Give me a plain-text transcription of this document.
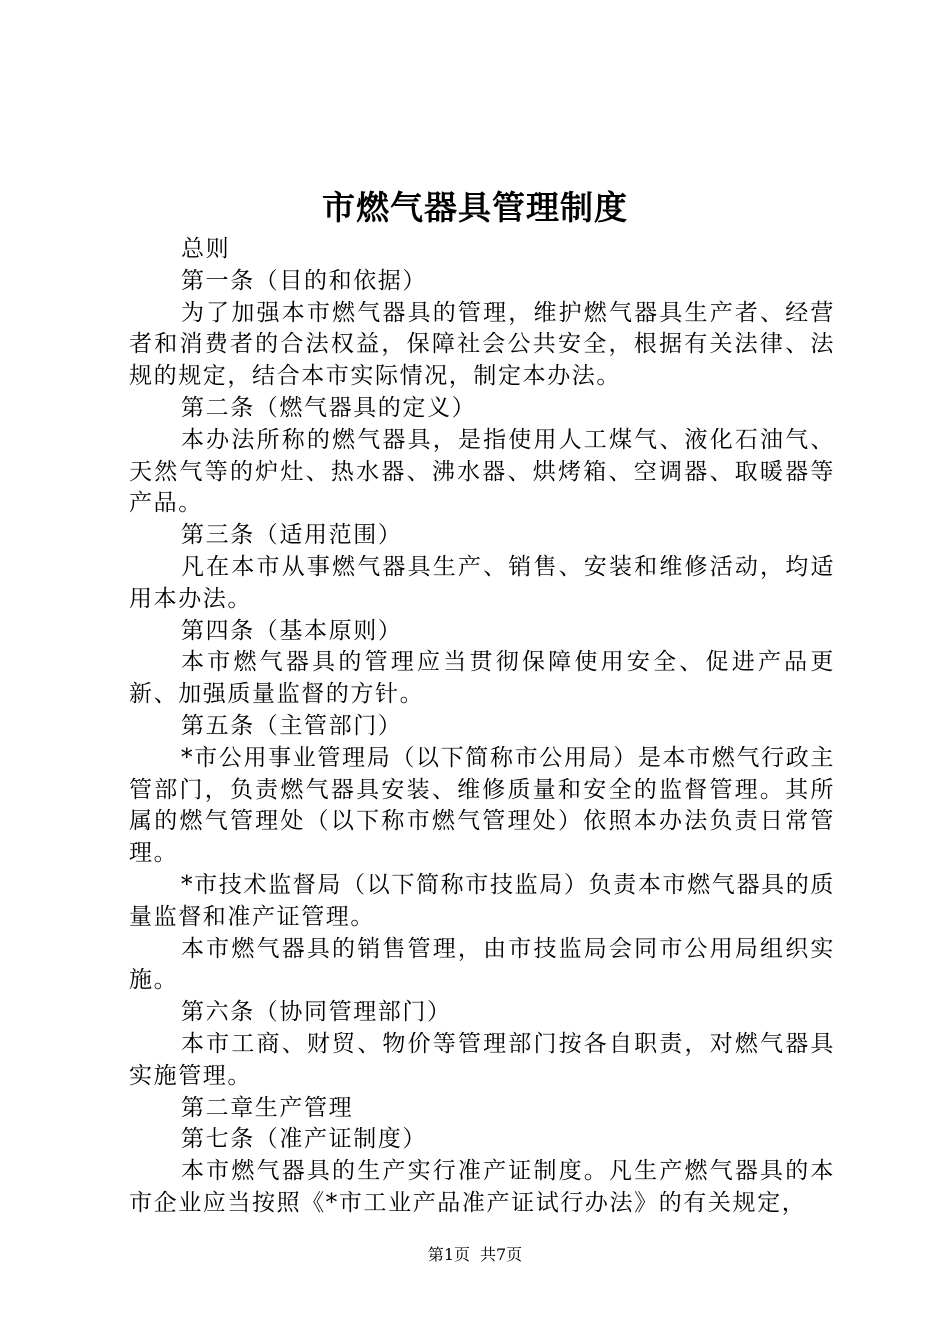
市燃气器具管理制度

总则

第一条（目的和依据）

为了加强本市燃气器具的管理，维护燃气器具生产者、经营者和消费者的合法权益，保障社会公共安全，根据有关法律、法规的规定，结合本市实际情况，制定本办法。

第二条（燃气器具的定义）

本办法所称的燃气器具，是指使用人工煤气、液化石油气、天然气等的炉灶、热水器、沸水器、烘烤箱、空调器、取暖器等产品。

第三条（适用范围）

凡在本市从事燃气器具生产、销售、安装和维修活动，均适用本办法。

第四条（基本原则）

本市燃气器具的管理应当贯彻保障使用安全、促进产品更新、加强质量监督的方针。

第五条（主管部门）

*市公用事业管理局（以下简称市公用局）是本市燃气行政主管部门，负责燃气器具安装、维修质量和安全的监督管理。其所属的燃气管理处（以下称市燃气管理处）依照本办法负责日常管理。

*市技术监督局（以下简称市技监局）负责本市燃气器具的质量监督和准产证管理。

本市燃气器具的销售管理，由市技监局会同市公用局组织实施。

第六条（协同管理部门）

本市工商、财贸、物价等管理部门按各自职责，对燃气器具实施管理。

第二章生产管理

第七条（准产证制度）

本市燃气器具的生产实行准产证制度。凡生产燃气器具的本市企业应当按照《*市工业产品准产证试行办法》的有关规定，

第1页 共7页
